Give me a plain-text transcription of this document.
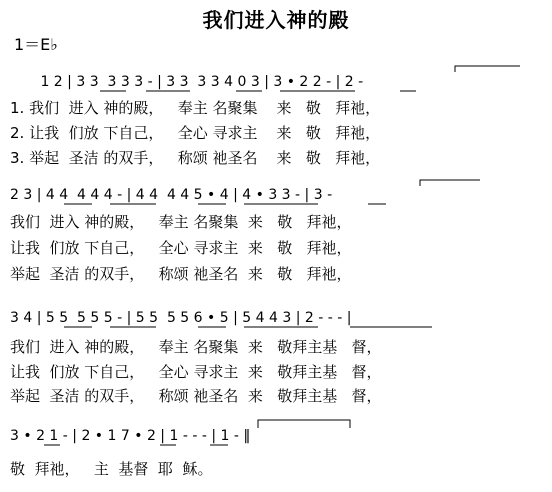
我们进入神的殿
1＝E♭
1 2 | 3 3  3 3 3 - | 3 3  3 3 4 0 3 | 3 • 2 2 - | 2 -
1. 我们  进入 神的殿，   奉主 名聚集    来   敬   拜祂，
2. 让我  们放 下自己，   全心 寻求主    来   敬   拜祂，
3. 举起  圣洁 的双手，   称颂 祂圣名    来   敬   拜祂，
2 3 | 4 4  4 4 4 - | 4 4  4 4 5 • 4 | 4 • 3 3 - | 3 -
我们  进入 神的殿，   奉主 名聚集  来   敬   拜祂，
让我  们放 下自己，   全心 寻求主  来   敬   拜祂，
举起  圣洁 的双手，   称颂 祂圣名  来   敬   拜祂，
3 4 | 5 5  5 5 5 - | 5 5  5 5 6 • 5 | 5 4 4 3 | 2 - - - |
我们  进入 神的殿，   奉主 名聚集  来   敬拜主基   督，
让我  们放 下自己，   全心 寻求主  来   敬拜主基   督，
举起  圣洁 的双手，   称颂 祂圣名  来   敬拜主基   督，
3 • 2 1 - | 2 • 1 7 • 2 | 1 - - - | 1 - ‖
敬  拜祂，   主  基督  耶  稣。
